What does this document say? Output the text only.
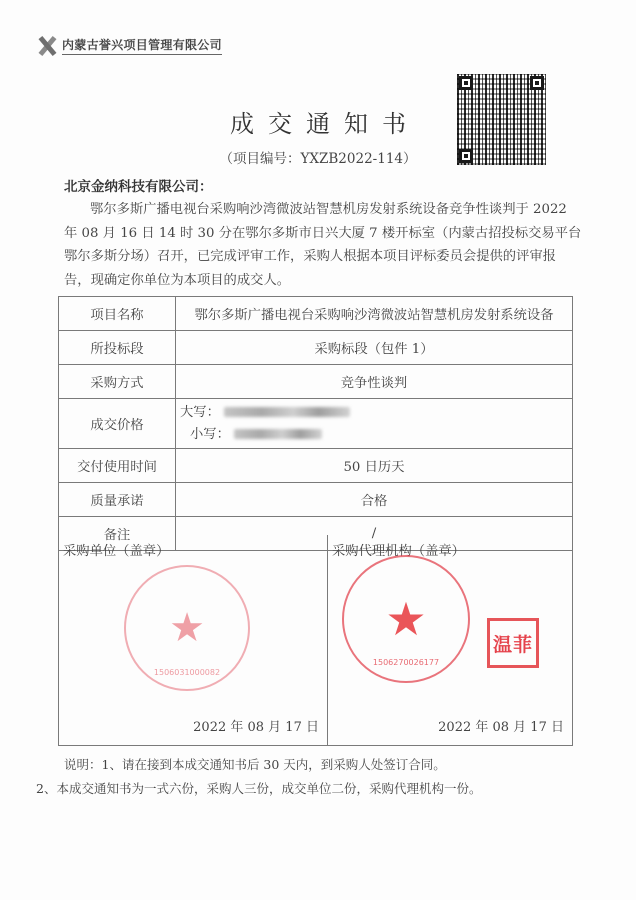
内蒙古誉兴项目管理有限公司
成交通知书
（项目编号：YXZB2022-114）
北京金纳科技有限公司：
鄂尔多斯广播电视台采购响沙湾微波站智慧机房发射系统设备竞争性谈判于 2022
年 08 月 16 日 14 时 30 分在鄂尔多斯市日兴大厦 7 楼开标室（内蒙古招投标交易平台
鄂尔多斯分场）召开，已完成评审工作，采购人根据本项目评标委员会提供的评审报
告，现确定你单位为本项目的成交人。
项目名称	鄂尔多斯广播电视台采购响沙湾微波站智慧机房发射系统设备
所投标段	采购标段（包件 1）
采购方式	竞争性谈判
成交价格	大写：
小写：

交付使用时间	50 日历天
质量承诺	合格
备注	/
采购单位（盖章）
★
1506031000082
2022 年 08 月 17 日
采购代理机构（盖章）
★
1506270026177
温菲
2022 年 08 月 17 日
说明：1、请在接到本成交通知书后 30 天内，到采购人处签订合同。
2、本成交通知书为一式六份，采购人三份，成交单位二份，采购代理机构一份。
